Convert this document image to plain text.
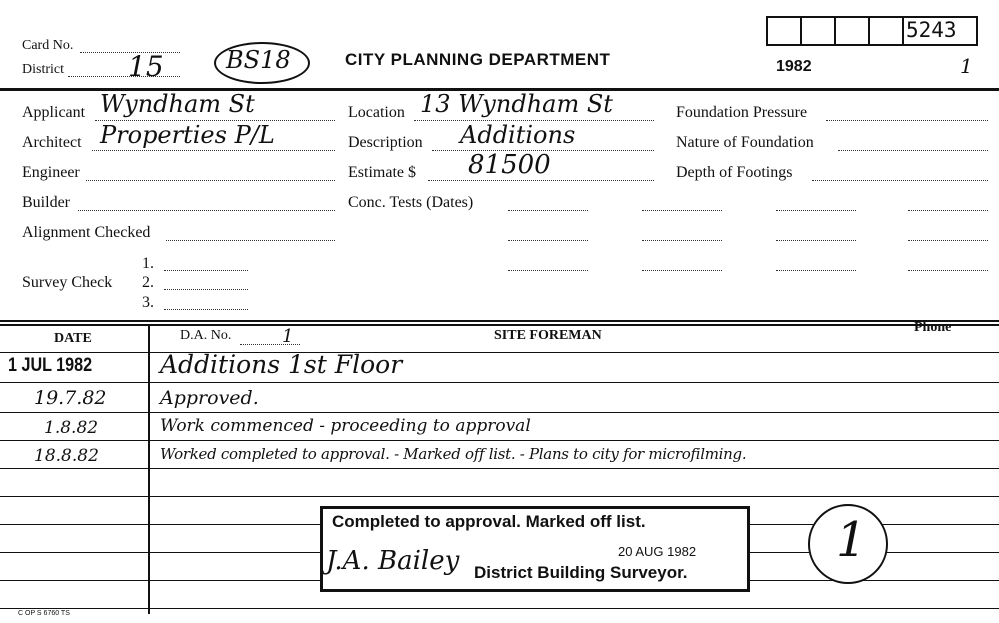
Card No.
District 15	BS18	CITY PLANNING DEPARTMENT	1982
5243
1
Applicant Wyndham St
Architect Properties P/L
Engineer
Builder
Alignment Checked
Survey Check
1.
2.
3.
Location 13 Wyndham St
Description Additions
Estimate $ 81500
Conc. Tests (Dates)
Foundation Pressure
Nature of Foundation
Depth of Footings
DATE	D.A. No.	1	SITE FOREMAN
Phone
1 JUL 1982	Additions 1st Floor
19.7.82	Approved.
1.8.82	Work commenced - proceeding to approval
18.8.82	Worked completed to approval. - Marked off list. - Plans to city for microfilming.
Completed to approval. Marked off list.
20 AUG 1982
J.A. Bailey District Building Surveyor.
1
C OP S 6760 TS
